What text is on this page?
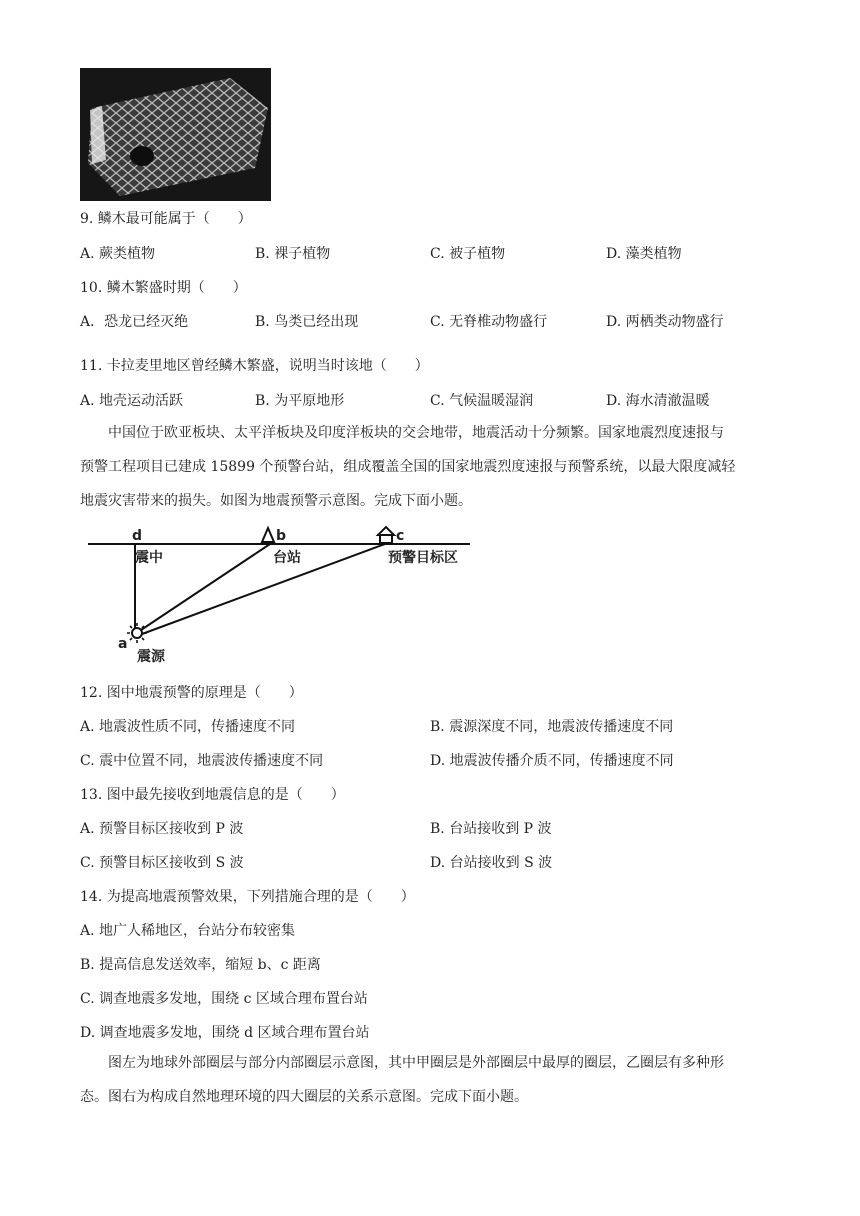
9. 鳞木最可能属于（　　）
A. 蕨类植物	B. 裸子植物	C. 被子植物	D. 藻类植物
10. 鳞木繁盛时期（　　）
A．恐龙已经灭绝	B. 鸟类已经出现	C. 无脊椎动物盛行	D. 两栖类动物盛行
11. 卡拉麦里地区曾经鳞木繁盛，说明当时该地（　　）
A. 地壳运动活跃	B. 为平原地形	C. 气候温暖湿润	D. 海水清澈温暖
中国位于欧亚板块、太平洋板块及印度洋板块的交会地带，地震活动十分频繁。国家地震烈度速报与
预警工程项目已建成 15899 个预警台站，组成覆盖全国的国家地震烈度速报与预警系统，以最大限度减轻
地震灾害带来的损失。如图为地震预警示意图。完成下面小题。
d
震中
b
台站
c
预警目标区
a
震源
12. 图中地震预警的原理是（　　）
A. 地震波性质不同，传播速度不同	B. 震源深度不同，地震波传播速度不同
C. 震中位置不同，地震波传播速度不同	D. 地震波传播介质不同，传播速度不同
13. 图中最先接收到地震信息的是（　　）
A. 预警目标区接收到 P 波	B. 台站接收到 P 波
C. 预警目标区接收到 S 波	D. 台站接收到 S 波
14. 为提高地震预警效果，下列措施合理的是（　　）
A. 地广人稀地区，台站分布较密集
B. 提高信息发送效率，缩短 b、c 距离
C. 调查地震多发地，围绕 c 区域合理布置台站
D. 调查地震多发地，围绕 d 区域合理布置台站
图左为地球外部圈层与部分内部圈层示意图，其中甲圈层是外部圈层中最厚的圈层，乙圈层有多种形
态。图右为构成自然地理环境的四大圈层的关系示意图。完成下面小题。
